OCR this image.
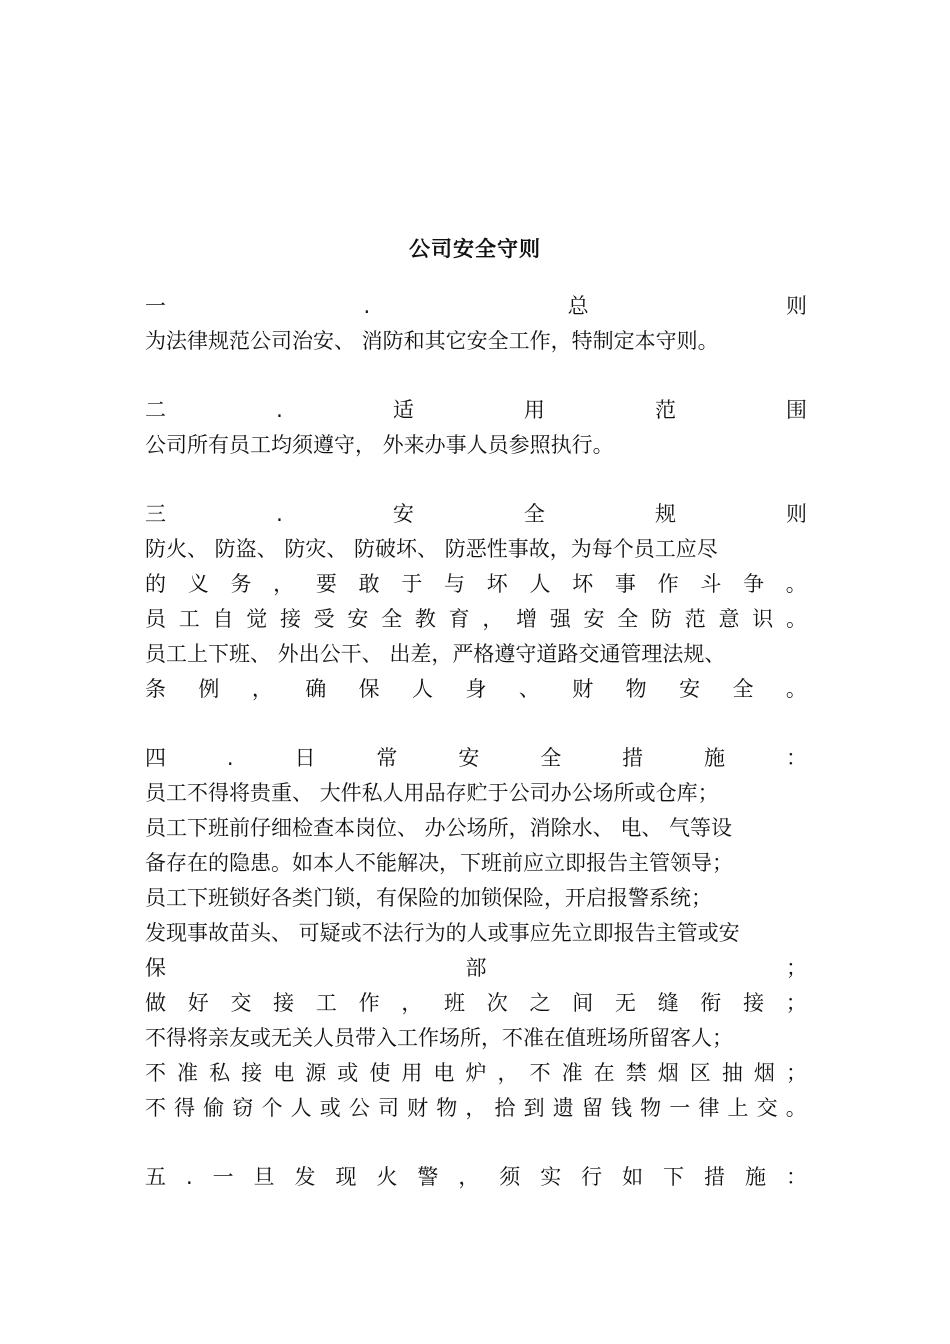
公司安全守则
一	.	总	则
为法律规范公司治安、 消防和其它安全工作，特制定本守则。
二	.	适	用	范	围
公司所有员工均须遵守， 外来办事人员参照执行。
三	.	安	全	规	则
防火、 防盗、 防灾、 防破坏、 防恶性事故，为每个员工应尽
的 义 务 ， 要 敢 于 与 坏 人 坏 事 作 斗 争 。
员 工 自 觉 接 受 安 全 教 育 ， 增 强 安 全 防 范 意 识 。
员工上下班、 外出公干、 出差，严格遵守道路交通管理法规、
条 例 ， 确 保 人 身 、 财 物 安 全 。
四	.	日	常	安	全	措	施	：
员工不得将贵重、 大件私人用品存贮于公司办公场所或仓库；
员工下班前仔细检查本岗位、 办公场所，消除水、 电、 气等设
备存在的隐患。如本人不能解决，下班前应立即报告主管领导；
员工下班锁好各类门锁，有保险的加锁保险，开启报警系统；
发现事故苗头、 可疑或不法行为的人或事应先立即报告主管或安
保	部	；
做 好 交 接 工 作 ， 班 次 之 间 无 缝 衔 接 ；
不得将亲友或无关人员带入工作场所，不准在值班场所留客人；
不 准 私 接 电 源 或 使 用 电 炉 ， 不 准 在 禁 烟 区 抽 烟 ；
不 得 偷 窃 个 人 或 公 司 财 物 ， 拾 到 遗 留 钱 物 一 律 上 交 。
五 . 一 旦 发 现 火 警 ， 须 实 行 如 下 措 施 ：
